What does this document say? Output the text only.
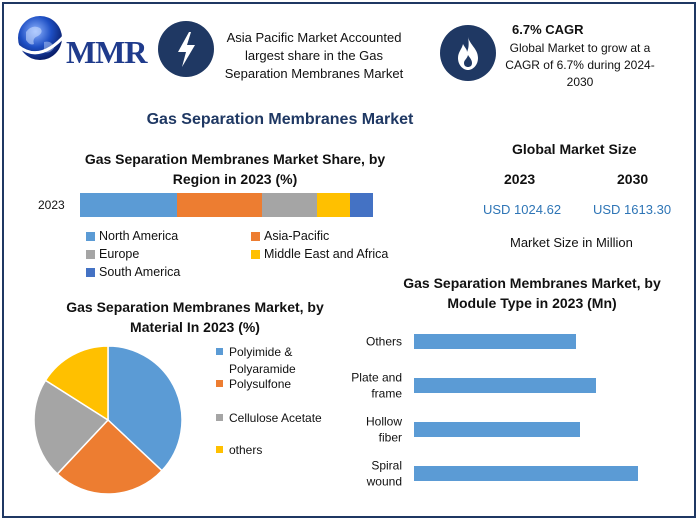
MMR	Asia Pacific Market Accounted largest share in the Gas Separation Membranes Market
6.7% CAGR
Global Market to grow at a CAGR of 6.7% during 2024-2030
Gas Separation Membranes Market
Gas Separation Membranes Market Share, by Region in 2023 (%)
2023
North America	Asia-Pacific
Europe	Middle East and Africa
South America
Global Market Size
2023	2030
USD 1024.62 USD 1613.30
Market Size in Million
Gas Separation Membranes Market, by Material In 2023 (%)
Polyimide &
Polyaramide
Polysulfone
Cellulose Acetate
others
Gas Separation Membranes Market, by Module Type in 2023 (Mn)
Others
Plate and frame
Hollow fiber
Spiral wound
